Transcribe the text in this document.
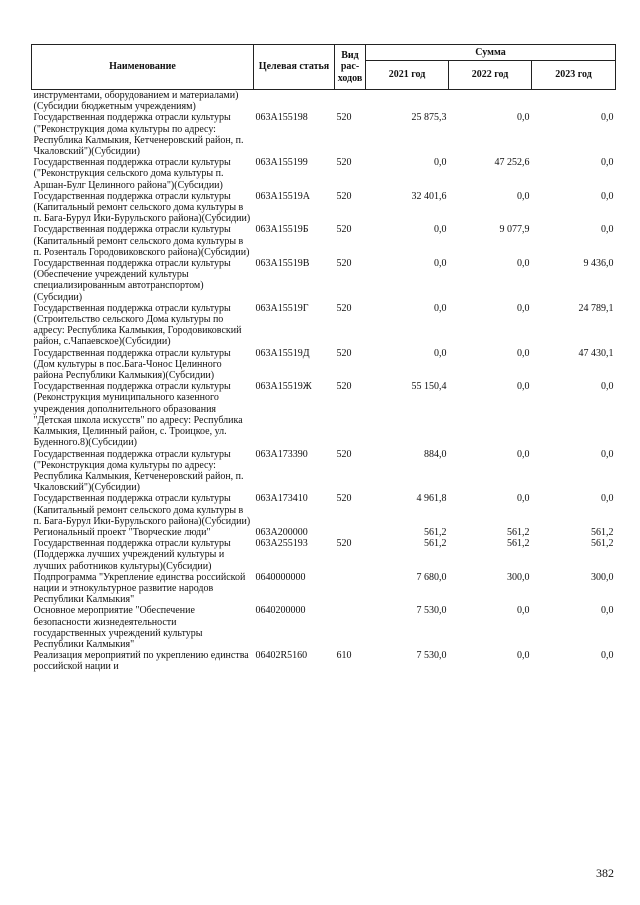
Наименование	Целевая статья	Вид рас-ходов	Сумма		
			2021 год	2022 год	2023 год
инструментами, оборудованием и материалами)(Субсидии бюджетным учреждениям)					
Государственная поддержка отрасли культуры ("Реконструкция дома культуры по адресу: Республика Калмыкия, Кетченеровский район, п. Чкаловский")(Субсидии)	063A155198	520	25 875,3	0,0	0,0
Государственная поддержка отрасли культуры ("Реконструкция сельского дома культуры п. Аршан-Булг Целинного района")(Субсидии)	063A155199	520	0,0	47 252,6	0,0
Государственная поддержка отрасли культуры (Капитальный ремонт сельского дома культуры в п. Бага-Бурул Ики-Бурульского района)(Субсидии)	063A15519А	520	32 401,6	0,0	0,0
Государственная поддержка отрасли культуры (Капитальный ремонт сельского дома культуры в п. Розенталь Городовиковского района)(Субсидии)	063A15519Б	520	0,0	9 077,9	0,0
Государственная поддержка отрасли культуры (Обеспечение учреждений культуры специализированным автотранспортом)(Субсидии)	063A15519В	520	0,0	0,0	9 436,0
Государственная поддержка отрасли культуры (Строительство сельского Дома культуры по адресу: Республика Калмыкия, Городовиковский район, с.Чапаевское)(Субсидии)	063A15519Г	520	0,0	0,0	24 789,1
Государственная поддержка отрасли культуры (Дом культуры в пос.Бага-Чонос Целинного района Республики Калмыкия)(Субсидии)	063A15519Д	520	0,0	0,0	47 430,1
Государственная поддержка отрасли культуры (Реконструкция муниципального казенного учреждения дополнительного образования "Детская школа искусств" по адресу: Республика Калмыкия, Целинный район, с. Троицкое, ул. Буденного.8)(Субсидии)	063A15519Ж	520	55 150,4	0,0	0,0
Государственная поддержка отрасли культуры ("Реконструкция дома культуры по адресу: Республика Калмыкия, Кетченеровский район, п. Чкаловский")(Субсидии)	063A173390	520	884,0	0,0	0,0
Государственная поддержка отрасли культуры (Капитальный ремонт сельского дома культуры в п. Бага-Бурул Ики-Бурульского района)(Субсидии)	063A173410	520	4 961,8	0,0	0,0
Региональный проект "Творческие люди"	063A200000		561,2	561,2	561,2
Государственная поддержка отрасли культуры (Поддержка лучших учреждений культуры и лучших работников культуры)(Субсидии)	063A255193	520	561,2	561,2	561,2
Подпрограмма "Укрепление единства российской нации и этнокультурное развитие народов Республики Калмыкия"	0640000000		7 680,0	300,0	300,0
Основное мероприятие "Обеспечение безопасности жизнедеятельности государственных учреждений культуры Республики Калмыкия"	0640200000		7 530,0	0,0	0,0
Реализация мероприятий по укреплению единства российской нации и	06402R5160	610	7 530,0	0,0	0,0
382
